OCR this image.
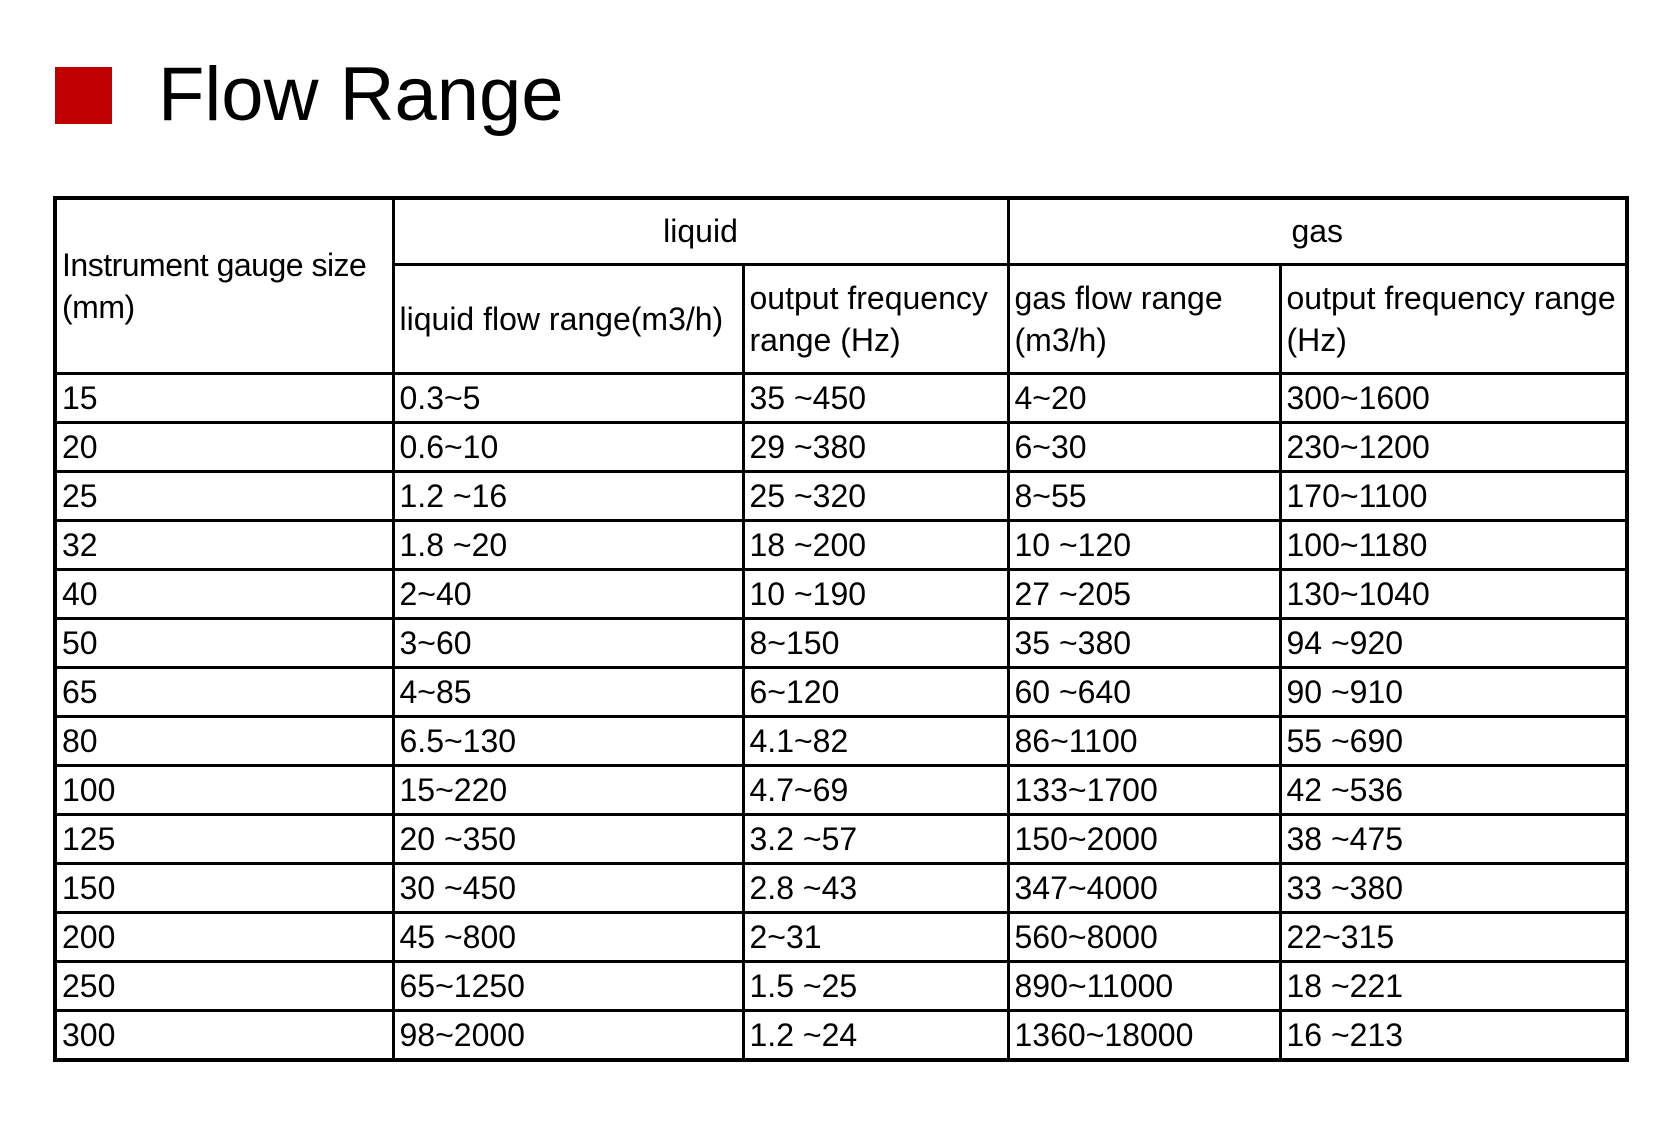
Flow Range
Instrument gauge size (mm)	liquid		gas	
	liquid flow range(m3/h)	output frequency range (Hz)	gas flow range (m3/h)	output frequency range (Hz)
15	0.3~5	35 ~450	4~20	300~1600
20	0.6~10	29 ~380	6~30	230~1200
25	1.2 ~16	25 ~320	8~55	170~1100
32	1.8 ~20	18 ~200	10 ~120	100~1180
40	2~40	10 ~190	27 ~205	130~1040
50	3~60	8~150	35 ~380	94 ~920
65	4~85	6~120	60 ~640	90 ~910
80	6.5~130	4.1~82	86~1100	55 ~690
100	15~220	4.7~69	133~1700	42 ~536
125	20 ~350	3.2 ~57	150~2000	38 ~475
150	30 ~450	2.8 ~43	347~4000	33 ~380
200	45 ~800	2~31	560~8000	22~315
250	65~1250	1.5 ~25	890~11000	18 ~221
300	98~2000	1.2 ~24	1360~18000	16 ~213
